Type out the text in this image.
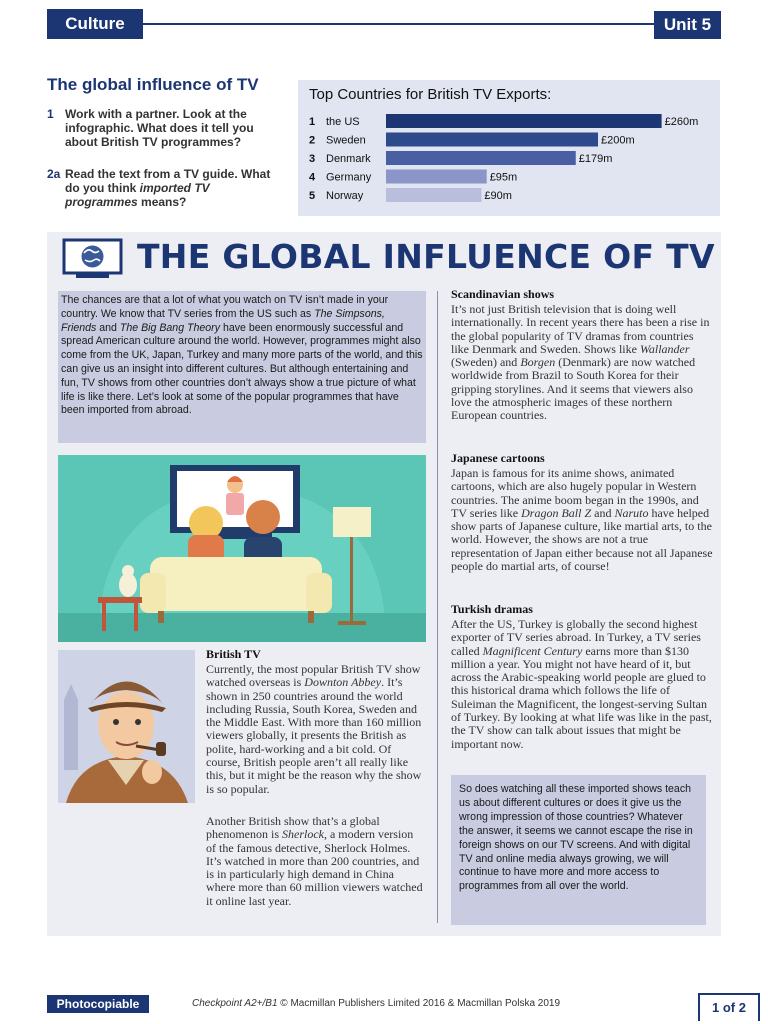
Culture	Unit 5
The global influence of TV
1 Work with a partner. Look at the infographic. What does it tell you about British TV programmes?
2a Read the text from a TV guide. What do you think imported TV programmes means?
Top Countries for British TV Exports:
1 the US	£260m
2 Sweden	£200m
3 Denmark	£179m
4 Germany	£95m
5 Norway	£90m
THE GLOBAL INFLUENCE OF TV

The chances are that a lot of what you watch on TV isn’t made in your country. We know that TV series from the US such as The Simpsons, Friends and The Big Bang Theory have been enormously successful and spread American culture around the world. However, programmes might also come from the UK, Japan, Turkey and many more parts of the world, and this can give us an insight into different cultures. But although entertaining and fun, TV shows from other countries don’t always show a true picture of what life is like there. Let’s look at some of the popular programmes that have been imported from abroad.

British TV

Currently, the most popular British TV show watched overseas is Downton Abbey. It’s shown in 250 countries around the world including Russia, South Korea, Sweden and the Middle East. With more than 160 million viewers globally, it presents the British as polite, hard-working and a bit cold. Of course, British people aren’t all really like this, but it might be the reason why the show is so popular.

Another British show that’s a global phenomenon is Sherlock, a modern version of the famous detective, Sherlock Holmes. It’s watched in more than 200 countries, and is in particularly high demand in China where more than 60 million viewers watched it online last year.

Scandinavian shows

It’s not just British television that is doing well internationally. In recent years there has been a rise in the global popularity of TV dramas from countries like Denmark and Sweden. Shows like Wallander (Sweden) and Borgen (Denmark) are now watched worldwide from Brazil to South Korea for their gripping storylines. And it seems that viewers also love the atmospheric images of these northern European countries.

Japanese cartoons

Japan is famous for its anime shows, animated cartoons, which are also hugely popular in Western countries. The anime boom began in the 1990s, and TV series like Dragon Ball Z and Naruto have helped show parts of Japanese culture, like martial arts, to the world. However, the shows are not a true representation of Japan either because not all Japanese people do martial arts, of course!

Turkish dramas

After the US, Turkey is globally the second highest exporter of TV series abroad. In Turkey, a TV series called Magnificent Century earns more than $130 million a year. You might not have heard of it, but across the Arabic-speaking world people are glued to this historical drama which follows the life of Suleiman the Magnificent, the longest-serving Sultan of Turkey. By looking at what life was like in the past, the TV show can talk about issues that might be important now.

So does watching all these imported shows teach us about different cultures or does it give us the wrong impression of those countries? Whatever the answer, it seems we cannot escape the rise in foreign shows on our TV screens. And with digital TV and online media always growing, we will continue to have more and more access to programmes from all over the world.

Photocopiable	Checkpoint A2+/B1 © Macmillan Publishers Limited 2016 & Macmillan Polska 2019	1 of 2
